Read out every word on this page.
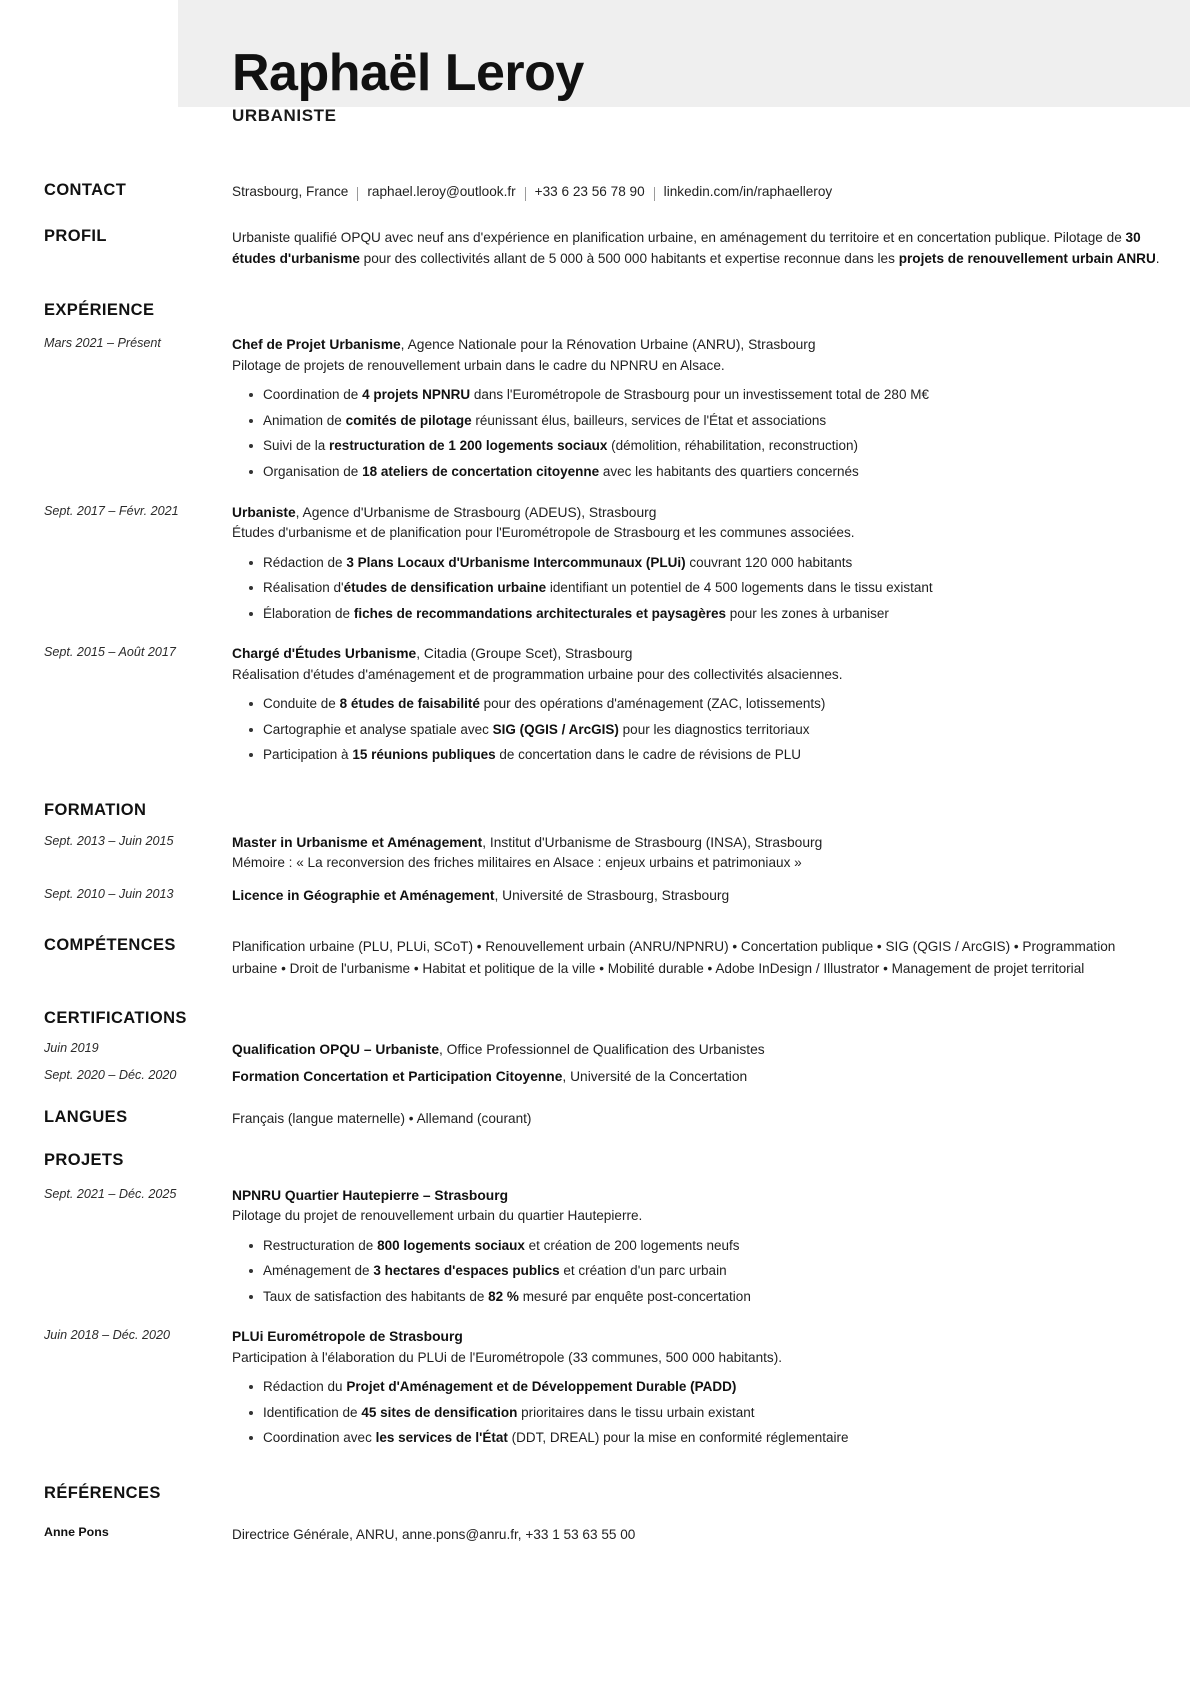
Raphaël Leroy
URBANISTE
CONTACT	Strasbourg, France raphael.leroy@outlook.fr +33 6 23 56 78 90 linkedin.com/in/raphaelleroy
PROFIL	Urbaniste qualifié OPQU avec neuf ans d'expérience en planification urbaine, en aménagement du territoire et en concertation publique. Pilotage de 30 études d'urbanisme pour des collectivités allant de 5 000 à 500 000 habitants et expertise reconnue dans les projets de renouvellement urbain ANRU.
EXPÉRIENCE
Mars 2021 – Présent	Chef de Projet Urbanisme, Agence Nationale pour la Rénovation Urbaine (ANRU), Strasbourg
Pilotage de projets de renouvellement urbain dans le cadre du NPNRU en Alsace.
Coordination de 4 projets NPNRU dans l'Eurométropole de Strasbourg pour un investissement total de 280 M€
Animation de comités de pilotage réunissant élus, bailleurs, services de l'État et associations
Suivi de la restructuration de 1 200 logements sociaux (démolition, réhabilitation, reconstruction)
Organisation de 18 ateliers de concertation citoyenne avec les habitants des quartiers concernés
Sept. 2017 – Févr. 2021	Urbaniste, Agence d'Urbanisme de Strasbourg (ADEUS), Strasbourg
Études d'urbanisme et de planification pour l'Eurométropole de Strasbourg et les communes associées.
Rédaction de 3 Plans Locaux d'Urbanisme Intercommunaux (PLUi) couvrant 120 000 habitants
Réalisation d'études de densification urbaine identifiant un potentiel de 4 500 logements dans le tissu existant
Élaboration de fiches de recommandations architecturales et paysagères pour les zones à urbaniser
Sept. 2015 – Août 2017	Chargé d'Études Urbanisme, Citadia (Groupe Scet), Strasbourg
Réalisation d'études d'aménagement et de programmation urbaine pour des collectivités alsaciennes.
Conduite de 8 études de faisabilité pour des opérations d'aménagement (ZAC, lotissements)
Cartographie et analyse spatiale avec SIG (QGIS / ArcGIS) pour les diagnostics territoriaux
Participation à 15 réunions publiques de concertation dans le cadre de révisions de PLU
FORMATION
Sept. 2013 – Juin 2015	Master in Urbanisme et Aménagement, Institut d'Urbanisme de Strasbourg (INSA), Strasbourg
Mémoire : « La reconversion des friches militaires en Alsace : enjeux urbains et patrimoniaux »
Sept. 2010 – Juin 2013	Licence in Géographie et Aménagement, Université de Strasbourg, Strasbourg
COMPÉTENCES	Planification urbaine (PLU, PLUi, SCoT) • Renouvellement urbain (ANRU/NPNRU) • Concertation publique • SIG (QGIS / ArcGIS) • Programmation urbaine • Droit de l'urbanisme • Habitat et politique de la ville • Mobilité durable • Adobe InDesign / Illustrator • Management de projet territorial
CERTIFICATIONS
Juin 2019	Qualification OPQU – Urbaniste, Office Professionnel de Qualification des Urbanistes
Sept. 2020 – Déc. 2020	Formation Concertation et Participation Citoyenne, Université de la Concertation
LANGUES	Français (langue maternelle) • Allemand (courant)
PROJETS
Sept. 2021 – Déc. 2025	NPNRU Quartier Hautepierre – Strasbourg
Pilotage du projet de renouvellement urbain du quartier Hautepierre.
Restructuration de 800 logements sociaux et création de 200 logements neufs
Aménagement de 3 hectares d'espaces publics et création d'un parc urbain
Taux de satisfaction des habitants de 82 % mesuré par enquête post-concertation
Juin 2018 – Déc. 2020	PLUi Eurométropole de Strasbourg
Participation à l'élaboration du PLUi de l'Eurométropole (33 communes, 500 000 habitants).
Rédaction du Projet d'Aménagement et de Développement Durable (PADD)
Identification de 45 sites de densification prioritaires dans le tissu urbain existant
Coordination avec les services de l'État (DDT, DREAL) pour la mise en conformité réglementaire
RÉFÉRENCES
Anne Pons	Directrice Générale, ANRU, anne.pons@anru.fr, +33 1 53 63 55 00
